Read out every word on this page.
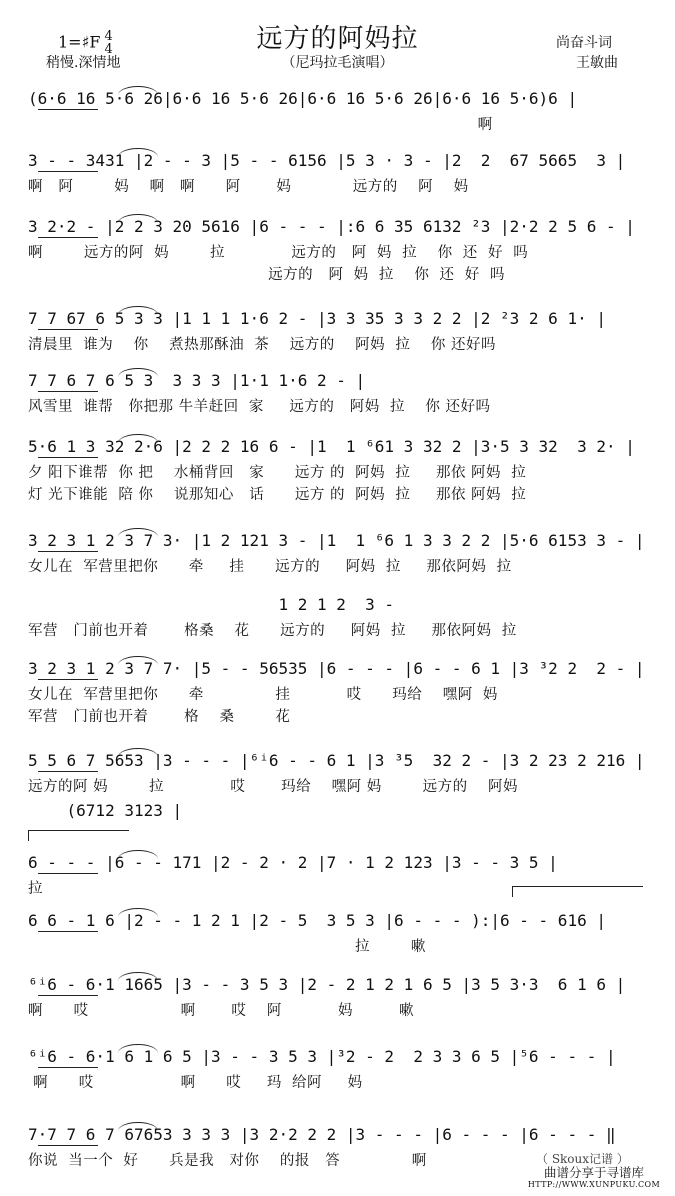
远方的阿妈拉
（尼玛拉毛演唱）
1=♯F 4
4
稍慢.深情地
尚奋斗词
王敏曲
(6·6 16 5·6 26|6·6 16 5·6 26|6·6 16 5·6 26|6·6 16 5·6)6 |
啊
3 - - 3431 |2 - - 3 |5 - - 6156 |5 3 · 3 - |2  2  67 5665  3 |
啊   阿        妈    啊   啊      阿       妈            远方的    阿    妈
3 2·2 - |2 2 3 20 5616 |6 - - - |:6 6 35 6132 ²3 |2·2 2 5 6 - |
啊        远方的阿  妈        拉             远方的   阿  妈  拉    你  还  好  吗
远方的   阿  妈  拉    你  还  好  吗
7 7 67 6 5 3 3 |1 1 1 1·6 2 - |3 3 35 3 3 2 2 |2 ²3 2 6 1· |
清晨里  谁为    你    煮热那酥油  茶    远方的    阿妈  拉    你 还好吗
7 7 6 7 6 5 3  3 3 3 |1·1 1·6 2 - |
风雪里  谁帮   你把那 牛羊赶回  家     远方的   阿妈  拉    你 还好吗
5·6 1 3 32 2·6 |2 2 2 16 6 - |1  1 ⁶61 3 32 2 |3·5 3 32  3 2· |
夕 阳下谁帮  你 把    水桶背回   家      远方 的  阿妈  拉     那依 阿妈  拉
灯 光下谁能  陪 你    说那知心   话      远方 的  阿妈  拉     那依 阿妈  拉
3 2 3 1 2 3 7 3· |1 2 121 3 - |1  1 ⁶6 1 3 3 2 2 |5·6 6153 3 - |
女儿在  军营里把你      牵     挂      远方的     阿妈  拉     那依阿妈  拉
1 2 1 2  3 -
军营   门前也开着       格桑    花      远方的     阿妈  拉     那依阿妈  拉
3 2 3 1 2 3 7 7· |5 - - 56535 |6 - - - |6 - - 6 1 |3 ³2 2  2 - |
女儿在  军营里把你      牵              挂           哎      玛给    嘿阿  妈
军营   门前也开着       格    桑        花
5 5 6 7 5653 |3 - - - |⁶ⁱ6 - - 6 1 |3 ³5  32 2 - |3 2 23 2 216 |
远方的阿 妈        拉             哎       玛给    嘿阿 妈        远方的    阿妈
(6712 3123 |
6 - - - |6 - - 171 |2 - 2 · 2 |7 · 1 2 123 |3 - - 3 5 |
拉
6 6 - 1 6 |2 - - 1 2 1 |2 - 5  3 5 3 |6 - - - ):|6 - - 616 |
拉        嗽
⁶ⁱ6 - 6·1 1665 |3 - - 3 5 3 |2 - 2 1 2 1 6 5 |3 5 3·3  6 1 6 |
啊      哎                  啊       哎    阿           妈         嗽
⁶ⁱ6 - 6·1 6 1 6 5 |3 - - 3 5 3 |³2 - 2  2 3 3 6 5 |⁵6 - - - |
啊      哎                 啊      哎     玛  给阿     妈
7·7 7 6 7 67653 3 3 3 |3 2·2 2 2 |3 - - - |6 - - - |6 - - - ‖
你说  当一个  好      兵是我   对你    的报   答              啊	（ Skoux记谱 ）
曲谱分享于寻谱库
HTTP://WWW.XUNPUKU.COM
